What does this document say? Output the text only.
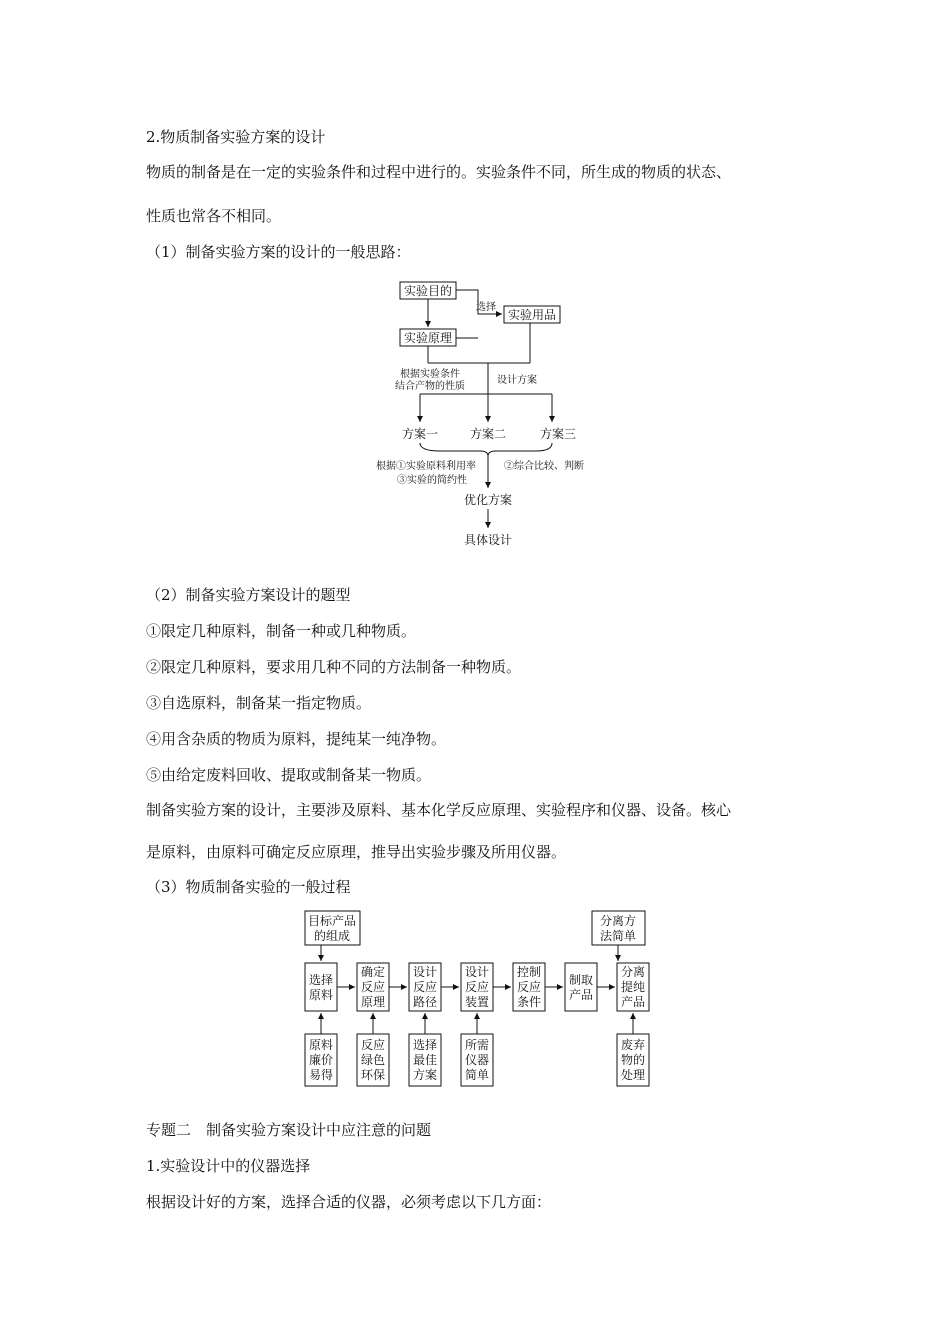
2.物质制备实验方案的设计
物质的制备是在一定的实验条件和过程中进行的。实验条件不同，所生成的物质的状态、
性质也常各不相同。
（1）制备实验方案的设计的一般思路：
实验目的
实验原理
实验用品
选择
根据实验条件
结合产物的性质
设计方案
方案一	方案二	方案三
根据①实验原料利用率
③实验的简约性
②综合比较、判断
优化方案
具体设计
（2）制备实验方案设计的题型
①限定几种原料，制备一种或几种物质。
②限定几种原料，要求用几种不同的方法制备一种物质。
③自选原料，制备某一指定物质。
④用含杂质的物质为原料，提纯某一纯净物。
⑤由给定废料回收、提取或制备某一物质。
制备实验方案的设计，主要涉及原料、基本化学反应原理、实验程序和仪器、设备。核心
是原料，由原料可确定反应原理，推导出实验步骤及所用仪器。
（3）物质制备实验的一般过程
目标产品
的组成
分离方
法简单
选择
原料
确定
反应
原理
设计
反应
路径
设计
反应
装置
控制
反应
条件
制取
产品
分离
提纯
产品
原料
廉价
易得
反应
绿色
环保
选择
最佳
方案
所需
仪器
简单
废弃
物的
处理
专题二　制备实验方案设计中应注意的问题
1.实验设计中的仪器选择
根据设计好的方案，选择合适的仪器，必须考虑以下几方面：
